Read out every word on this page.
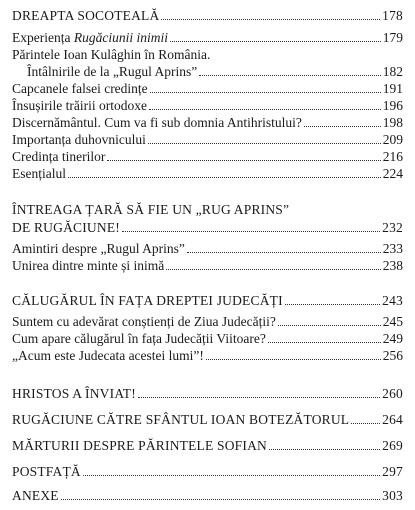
DREAPTA SOCOTEALĂ	178
Experiența Rugăciunii inimii	179
Părintele Ioan Kulâghin în România.
Întâlnirile de la „Rugul Aprins”	182
Capcanele falsei credințe	191
Însușirile trăirii ortodoxe	196
Discernământul. Cum va fi sub domnia Antihristului?	198
Importanța duhovnicului	209
Credința tinerilor	216
Esențialul	224
ÎNTREAGA ȚARĂ SĂ FIE UN „RUG APRINS”
DE RUGĂCIUNE!	232
Amintiri despre „Rugul Aprins”	233
Unirea dintre minte și inimă	238
CĂLUGĂRUL ÎN FAȚA DREPTEI JUDECĂȚI	243
Suntem cu adevărat conștienți de Ziua Judecății?	245
Cum apare călugărul în fața Judecății Viitoare?	249
„Acum este Judecata acestei lumi”!	256
HRISTOS A ÎNVIAT!	260
RUGĂCIUNE CĂTRE SFÂNTUL IOAN BOTEZĂTORUL 264
MĂRTURII DESPRE PĂRINTELE SOFIAN	269
POSTFAȚĂ	297
ANEXE	303
